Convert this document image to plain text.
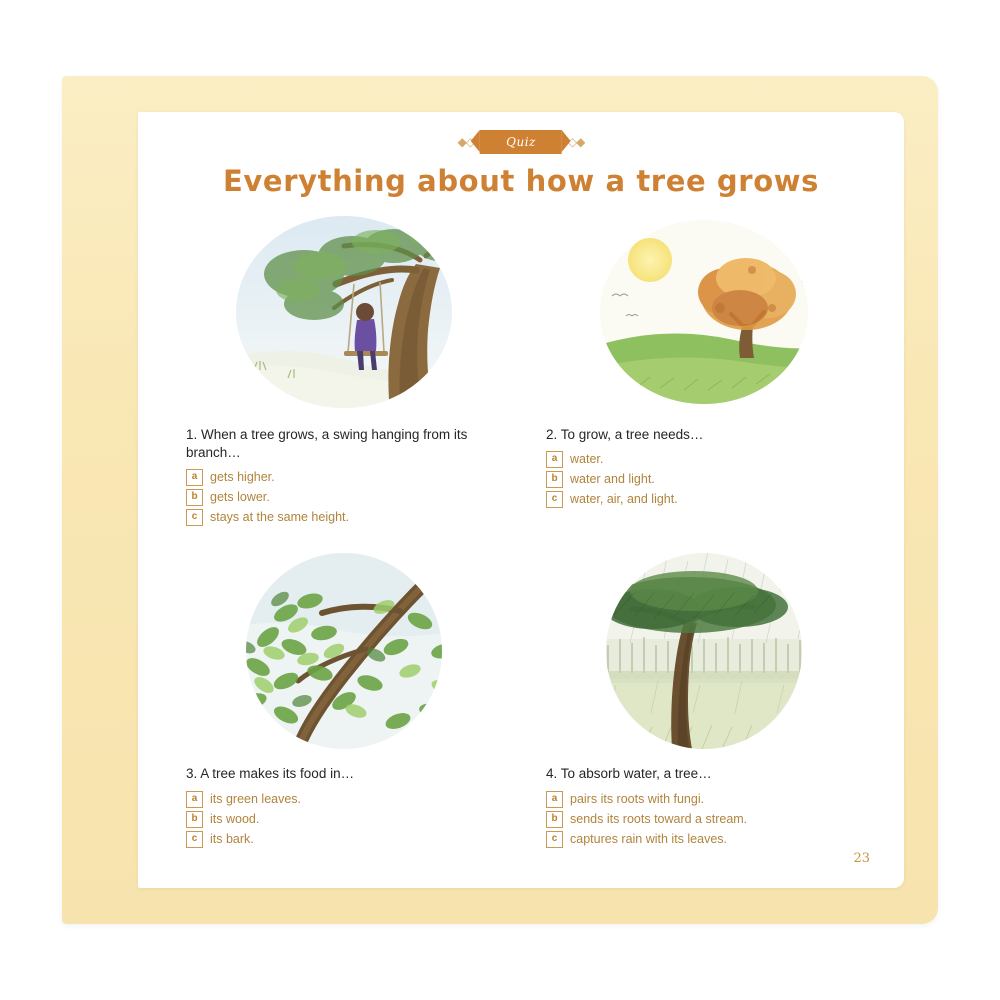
◆◇	Quiz	◇◆
Everything about how a tree grows
1. When a tree grows, a swing hanging from its branch…
a	gets higher.
b gets lower.
c	stays at the same height.
2. To grow, a tree needs…
a	water.
b water and light.
c	water, air, and light.
3. A tree makes its food in…
a	its green leaves.
b its wood.
c	its bark.
4. To absorb water, a tree…
a	pairs its roots with fungi.
b sends its roots toward a stream.
c	captures rain with its leaves.
23
